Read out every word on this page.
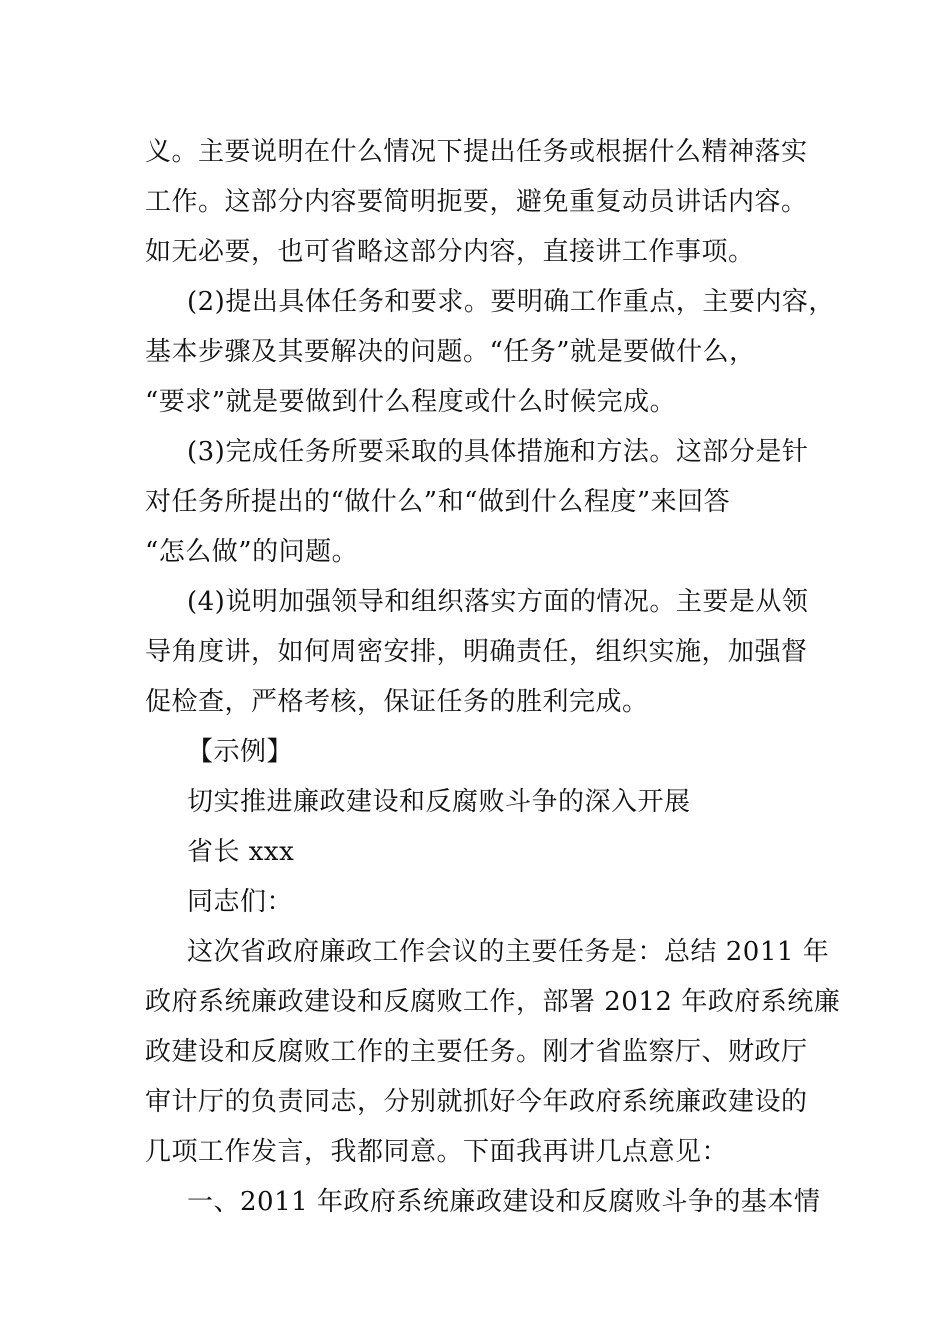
义。主要说明在什么情况下提出任务或根据什么精神落实
工作。这部分内容要简明扼要，避免重复动员讲话内容。
如无必要，也可省略这部分内容，直接讲工作事项。
(2)提出具体任务和要求。要明确工作重点，主要内容，
基本步骤及其要解决的问题。“任务”就是要做什么，
“要求”就是要做到什么程度或什么时候完成。
(3)完成任务所要采取的具体措施和方法。这部分是针
对任务所提出的“做什么”和“做到什么程度”来回答
“怎么做”的问题。
(4)说明加强领导和组织落实方面的情况。主要是从领
导角度讲，如何周密安排，明确责任，组织实施，加强督
促检查，严格考核，保证任务的胜利完成。
【示例】
切实推进廉政建设和反腐败斗争的深入开展
省长 xxx
同志们：
这次省政府廉政工作会议的主要任务是：总结 2011 年
政府系统廉政建设和反腐败工作，部署 2012 年政府系统廉
政建设和反腐败工作的主要任务。刚才省监察厅、财政厅
审计厅的负责同志，分别就抓好今年政府系统廉政建设的
几项工作发言，我都同意。下面我再讲几点意见：
一、2011 年政府系统廉政建设和反腐败斗争的基本情
